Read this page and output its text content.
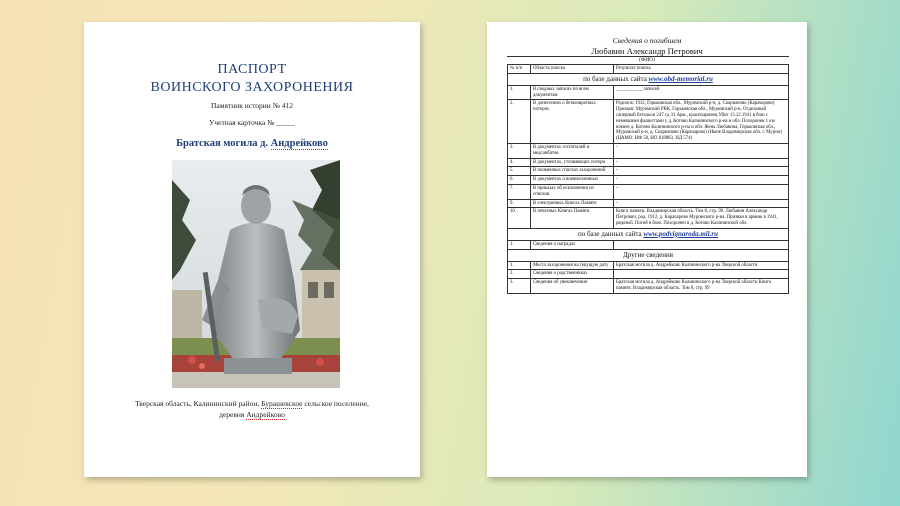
ПАСПОРТ
ВОИНСКОГО ЗАХОРОНЕНИЯ
Памятник истории № 412
Учетная карточка № _____
Братская могила д. Андрейково
Тверская область, Калининский район, Бурашевское сельское поселение,
деревня Андрейково
Сведения о погибшем
Любавин Александр Петрович
(ФИО)
№ п/п	Область поиска	Результат поиска
по базе данных сайта www.obd-memorial.ru		
1.	В сводных записях по всем документам	___________ записей
2.	В донесениях о безвозвратных потерях	Родился: 1912, Горьковская обл., Муромский р-н, д. Скарначово (Карачарово) Призван: Муромский РВК, Горьковская обл., Муромский р-н. Отдельный саперный батальон 247 сд 31 Арм., красноармеец Убит 13.12.1941 в бою с немецкими фашистами у д. Котово Калининского р-на и обл. Похоронен 1 км южнее д. Котово Калининского р-на и обл. Жена Любавина, Горьковская обл., Муромский р-н, д. Скарначово (Карачарово) (Ныне Владимирская обл. г. Муром) (ЦАМО: НФ 58, НО 818883, НД 574)
3.	В документах госпиталей и медсанбатов	-
4.	В документах, уточняющих потери	-
5.	В поименных списках захоронений	-
6.	В документах о военнопленных	-
7.	В приказах об исключении из списков	-
9.	В электронных Книгах Памяти	-
10.	В печатных Книгах Памяти	Книга памяти. Владимирская область. Том 8, стр. 99. Любавин Александр Петрович, род. 1912, д. Карачарово Муромского р-на. Призван в армию в 1941, рядовой. Погиб в бою. Похоронен в д. Котово Калининской обл.
по базе данных сайта www.podvignaroda.mil.ru		
1.	Сведения о наградах	
Другие сведения		
1.	Место захоронения на текущую дату	Братская могила д. Андрейково Калининского р-на Тверской области
2.	Сведения о родственниках	
3.	Сведения об увековечении	Братская могила д. Андрейково Калининского р-на Тверской области Книга памяти. Владимирская область. Том 8, стр. 99
